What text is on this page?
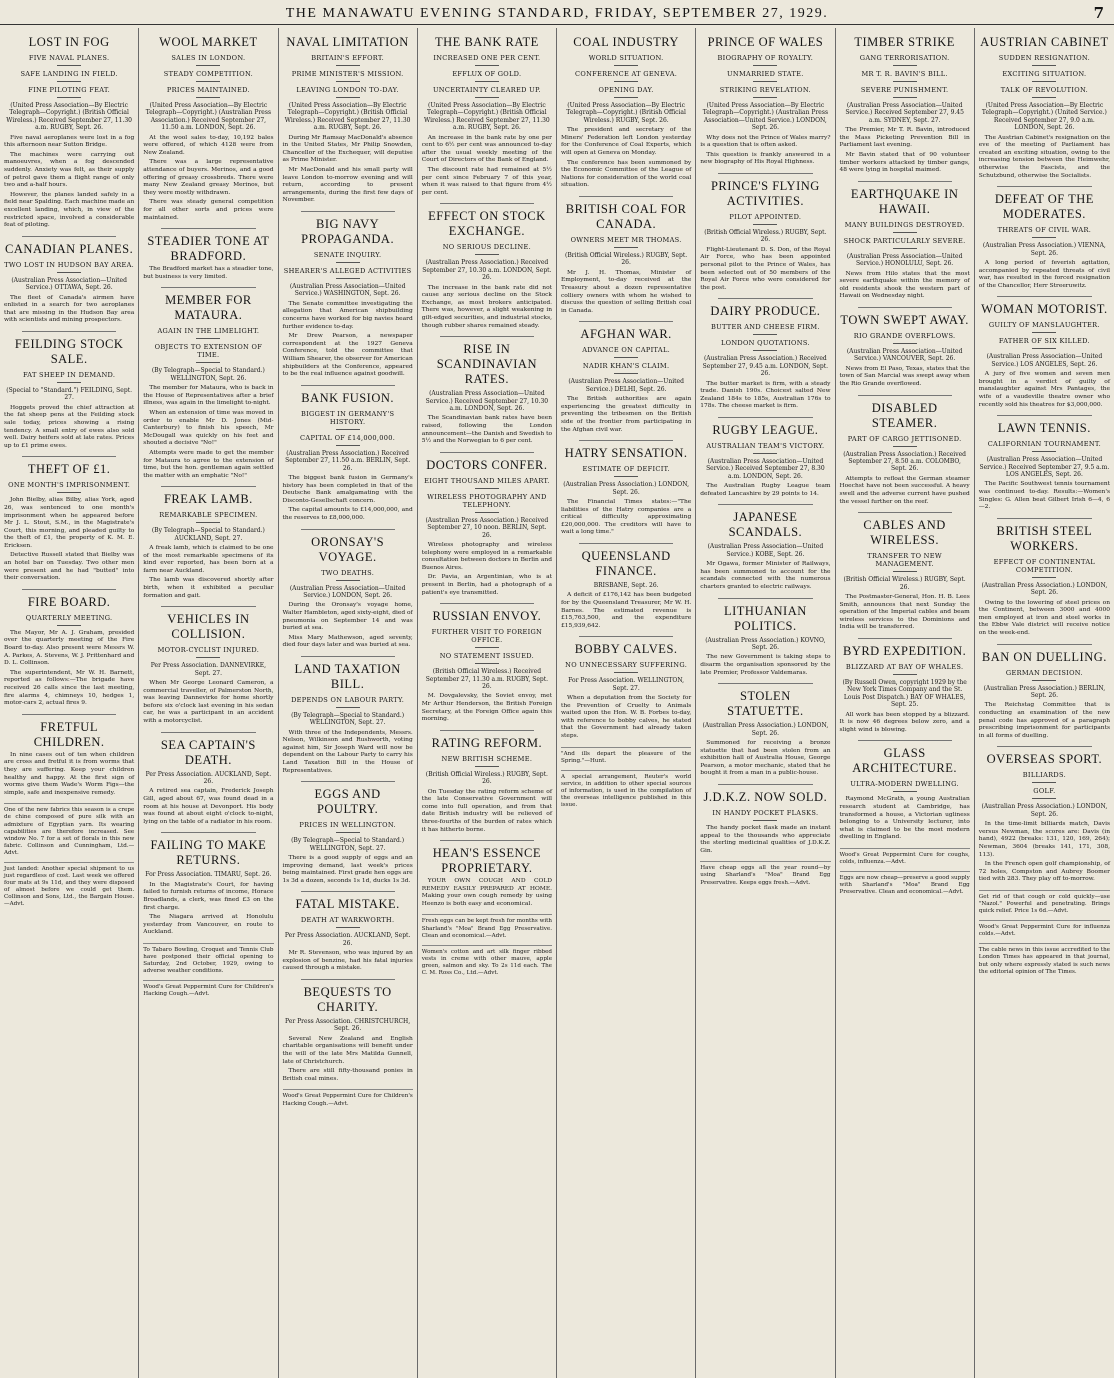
THE MANAWATU EVENING STANDARD, FRIDAY, SEPTEMBER 27, 1929.	7
LOST IN FOG
FIVE NAVAL PLANES.
SAFE LANDING IN FIELD.
FINE PILOTING FEAT.
(United Press Association—By Electric Telegraph—Copyright.) (British Official Wireless.) Received September 27, 11.30 a.m. RUGBY, Sept. 26.

Five naval aeroplanes were lost in a fog this afternoon near Sutton Bridge.

The machines were carrying out manoeuvres, when a fog descended suddenly. Anxiety was felt, as their supply of petrol gave them a flight range of only two and a-half hours.

However, the planes landed safely in a field near Spalding. Each machine made an excellent landing, which, in view of the restricted space, involved a considerable feat of piloting.

CANADIAN PLANES.
TWO LOST IN HUDSON BAY AREA.
(Australian Press Association—United Service.) OTTAWA, Sept. 26.

The fleet of Canada's airmen have enlisted in a search for two aeroplanes that are missing in the Hudson Bay area with scientists and mining prospectors.

FEILDING STOCK SALE.
FAT SHEEP IN DEMAND.
(Special to "Standard.") FEILDING, Sept. 27.

Hoggets proved the chief attraction at the fat sheep pens at the Feilding stock sale today, prices showing a rising tendency. A small entry of ewes also sold well. Dairy heifers sold at late rates. Prices up to £1 prime ewes.

THEFT OF £1.
ONE MONTH'S IMPRISONMENT.

John Bielby, alias Bilby, alias York, aged 26, was sentenced to one month's imprisonment when he appeared before Mr J. L. Stout, S.M., in the Magistrate's Court, this morning, and pleaded guilty to the theft of £1, the property of K. M. E. Ericksen.

Detective Russell stated that Bielby was an hotel bar on Tuesday. Two other men were present and he had "butted" into their conversation.

FIRE BOARD.
QUARTERLY MEETING.

The Mayor, Mr A. J. Graham, presided over the quarterly meeting of the Fire Board to-day. Also present were Messrs W. A. Parkes, A. Stevens, W. J. Prittenhard and D. L. Collinson.

The superintendent, Mr W. H. Barnett, reported as follows:—The brigade have received 26 calls since the last meeting, fire alarms 4, chimneys 10, hedges 1, motor-cars 2, actual fires 9.

FRETFUL CHILDREN.

In nine cases out of ten when children are cross and fretful it is from worms that they are suffering. Keep your children healthy and happy. At the first sign of worms give them Wade's Worm Figs—the simple, safe and inexpensive remedy.

One of the new fabrics this season is a crepe de chine composed of pure silk with an admixture of Egyptian yarn. Its wearing capabilities are therefore increased. See window No. 7 for a set of florals in this new fabric. Collinson and Cunningham, Ltd.—Advt.
Just landed: Another special shipment to us just regardless of cost. Last week we offered four mats at 9s 11d, and they were disposed of almost before we could get them. Collinson and Sons, Ltd., the Bargain House.—Advt.
WOOL MARKET
SALES IN LONDON.
STEADY COMPETITION.
PRICES MAINTAINED.
(United Press Association—By Electric Telegraph—Copyright.) (Australian Press Association.) Received September 27, 11.50 a.m. LONDON, Sept. 26.

At the wool sales to-day, 10,192 bales were offered, of which 4128 were from New Zealand.

There was a large representative attendance of buyers. Merinos, and a good offering of greasy crossbreds. There were many New Zealand greasy Merinos, but they were mostly withdrawn.

There was steady general competition for all other sorts and prices were maintained.

STEADIER TONE AT BRADFORD.

The Bradford market has a steadier tone, but business is very limited.

MEMBER FOR MATAURA.
AGAIN IN THE LIMELIGHT.
OBJECTS TO EXTENSION OF TIME.
(By Telegraph—Special to Standard.) WELLINGTON, Sept. 26.

The member for Mataura, who is back in the House of Representatives after a brief illness, was again in the limelight to-night.

When an extension of time was moved in order to enable Mr D. Jones (Mid-Canterbury) to finish his speech, Mr McDougall was quickly on his feet and shouted a decisive "No!"

Attempts were made to get the member for Mataura to agree to the extension of time, but the hon. gentleman again settled the matter with an emphatic "No!"

FREAK LAMB.
REMARKABLE SPECIMEN.
(By Telegraph—Special to Standard.) AUCKLAND, Sept. 27.

A freak lamb, which is claimed to be one of the most remarkable specimens of its kind ever reported, has been born at a farm near Auckland.

The lamb was discovered shortly after birth, when it exhibited a peculiar formation and gait.

VEHICLES IN COLLISION.
MOTOR-CYCLIST INJURED.
Per Press Association. DANNEVIRKE, Sept. 27.

When Mr George Leonard Cameron, a commercial traveller, of Palmerston North, was leaving Dannevirke for home shortly before six o'clock last evening in his sedan car, he was a participant in an accident with a motorcyclist.

SEA CAPTAIN'S DEATH.
Per Press Association. AUCKLAND, Sept. 26.

A retired sea captain, Frederick Joseph Gill, aged about 67, was found dead in a room at his house at Devonport. His body was found at about eight o'clock to-night, lying on the table of a radiator in his room.

FAILING TO MAKE RETURNS.
For Press Association. TIMARU, Sept. 26.

In the Magistrate's Court, for having failed to furnish returns of income, Horace Broadlands, a clerk, was fined £3 on the first charge.

The Niagara arrived at Honolulu yesterday from Vancouver, en route to Auckland.

To Tabaro Bowling, Croquet and Tennis Club have postponed their official opening to Saturday, 2nd October, 1929, owing to adverse weather conditions.
Wood's Great Peppermint Cure for Children's Hacking Cough.—Advt.
NAVAL LIMITATION
BRITAIN'S EFFORT.
PRIME MINISTER'S MISSION.
LEAVING LONDON TO-DAY.
(United Press Association—By Electric Telegraph—Copyright.) (British Official Wireless.) Received September 27, 11.30 a.m. RUGBY, Sept. 26.

During Mr Ramsay MacDonald's absence in the United States, Mr Philip Snowden, Chancellor of the Exchequer, will deputise as Prime Minister.

Mr MacDonald and his small party will leave London to-morrow evening and will return, according to present arrangements, during the first few days of November.

BIG NAVY PROPAGANDA.
SENATE INQUIRY.
SHEARER'S ALLEGED ACTIVITIES
(Australian Press Association—United Service.) WASHINGTON, Sept. 26.

The Senate committee investigating the allegation that American shipbuilding concerns have worked for big navies heard further evidence to-day.

Mr Drew Pearson, a newspaper correspondent at the 1927 Geneva Conference, told the committee that William Shearer, the observer for American shipbuilders at the Conference, appeared to be the real influence against goodwill.

BANK FUSION.
BIGGEST IN GERMANY'S HISTORY.
CAPITAL OF £14,000,000.
(Australian Press Association.) Received September 27, 11.50 a.m. BERLIN, Sept. 26.

The biggest bank fusion in Germany's history has been completed in that of the Deutsche Bank amalgamating with the Disconto-Gesellschaft concern.

The capital amounts to £14,000,000, and the reserves to £8,000,000.

ORONSAY'S VOYAGE.
TWO DEATHS.
(Australian Press Association—United Service.) LONDON, Sept. 26.

During the Oronsay's voyage home, Walter Hambleton, aged sixty-eight, died of pneumonia on September 14 and was buried at sea.

Miss Mary Mathewson, aged seventy, died four days later and was buried at sea.

LAND TAXATION BILL.
DEPENDS ON LABOUR PARTY.
(By Telegraph—Special to Standard.) WELLINGTON, Sept. 27.

With three of the Independents, Messrs. Nelson, Wilkinson and Rushworth, voting against him, Sir Joseph Ward will now be dependent on the Labour Party to carry his Land Taxation Bill in the House of Representatives.

EGGS AND POULTRY.
PRICES IN WELLINGTON.
(By Telegraph—Special to Standard.) WELLINGTON, Sept. 27.

There is a good supply of eggs and an improving demand, last week's prices being maintained. First grade hen eggs are 1s 3d a dozen, seconds 1s 1d, ducks 1s 3d.

FATAL MISTAKE.
DEATH AT WARKWORTH.
Per Press Association. AUCKLAND, Sept. 26.

Mr R. Stevenson, who was injured by an explosion of benzine, had his fatal injuries caused through a mistake.

BEQUESTS TO CHARITY.
Per Press Association. CHRISTCHURCH, Sept. 26.

Several New Zealand and English charitable organisations will benefit under the will of the late Mrs Matilda Gunnell, late of Christchurch.

There are still fifty-thousand ponies in British coal mines.

Wood's Great Peppermint Cure for Children's Hacking Cough.—Advt.
THE BANK RATE
INCREASED ONE PER CENT.
EFFLUX OF GOLD.
UNCERTAINTY CLEARED UP.
(United Press Association—By Electric Telegraph—Copyright.) (British Official Wireless.) Received September 27, 11.30 a.m. RUGBY, Sept. 26.

An increase in the bank rate by one per cent to 6½ per cent was announced to-day after the usual weekly meeting of the Court of Directors of the Bank of England.

The discount rate had remained at 5½ per cent since February 7 of this year, when it was raised to that figure from 4½ per cent.

EFFECT ON STOCK EXCHANGE.
NO SERIOUS DECLINE.
(Australian Press Association.) Received September 27, 10.30 a.m. LONDON, Sept. 26.

The increase in the bank rate did not cause any serious decline on the Stock Exchange, as most brokers anticipated. There was, however, a slight weakening in gilt-edged securities, and industrial stocks, though rubber shares remained steady.

RISE IN SCANDINAVIAN RATES.
(Australian Press Association—United Service.) Received September 27, 10.30 a.m. LONDON, Sept. 26.

The Scandinavian bank rates have been raised, following the London announcement—the Danish and Swedish to 5½ and the Norwegian to 6 per cent.

DOCTORS CONFER.
EIGHT THOUSAND MILES APART.
WIRELESS PHOTOGRAPHY AND TELEPHONY.
(Australian Press Association.) Received September 27, 10 noon. BERLIN, Sept. 26.

Wireless photography and wireless telephony were employed in a remarkable consultation between doctors in Berlin and Buenos Aires.

Dr. Pavia, an Argentinian, who is at present in Berlin, had a photograph of a patient's eye transmitted.

RUSSIAN ENVOY.
FURTHER VISIT TO FOREIGN OFFICE.
NO STATEMENT ISSUED.
(British Official Wireless.) Received September 27, 11.30 a.m. RUGBY, Sept. 26.

M. Dovgalevsky, the Soviet envoy, met Mr Arthur Henderson, the British Foreign Secretary, at the Foreign Office again this morning.

RATING REFORM.
NEW BRITISH SCHEME.
(British Official Wireless.) RUGBY, Sept. 26.

On Tuesday the rating reform scheme of the late Conservative Government will come into full operation, and from that date British industry will be relieved of three-fourths of the burden of rates which it has hitherto borne.

HEAN'S ESSENCE PROPRIETARY.

YOUR OWN COUGH AND COLD REMEDY EASILY PREPARED AT HOME. Making your own cough remedy by using Heenzo is both easy and economical.

Fresh eggs can be kept fresh for months with Sharland's "Moa" Brand Egg Preservative. Clean and economical.—Advt.
Women's cotton and art silk finger ribbed vests in creme with other mauve, apple green, salmon and sky. To 2s 11d each. The C. M. Ross Co., Ltd.—Advt.
COAL INDUSTRY
WORLD SITUATION.
CONFERENCE AT GENEVA.
OPENING DAY.
(United Press Association—By Electric Telegraph—Copyright.) (British Official Wireless.) RUGBY, Sept. 26.

The president and secretary of the Miners' Federation left London yesterday for the Conference of Coal Experts, which will open at Geneva on Monday.

The conference has been summoned by the Economic Committee of the League of Nations for consideration of the world coal situation.

BRITISH COAL FOR CANADA.
OWNERS MEET MR THOMAS.
(British Official Wireless.) RUGBY, Sept. 26.

Mr J. H. Thomas, Minister of Employment, to-day received at the Treasury about a dozen representative colliery owners with whom he wished to discuss the question of selling British coal in Canada.

AFGHAN WAR.
ADVANCE ON CAPITAL.
NADIR KHAN'S CLAIM.
(Australian Press Association—United Service.) DELHI, Sept. 26.

The British authorities are again experiencing the greatest difficulty in preventing the tribesmen on the British side of the frontier from participating in the Afghan civil war.

HATRY SENSATION.
ESTIMATE OF DEFICIT.
(Australian Press Association.) LONDON, Sept. 26.

The Financial Times states:—"The liabilities of the Hatry companies are a critical difficulty approximating £20,000,000. The creditors will have to wait a long time."

QUEENSLAND FINANCE.
BRISBANE, Sept. 26.

A deficit of £176,142 has been budgeted for by the Queensland Treasurer, Mr W. H. Barnes. The estimated revenue is £15,763,500, and the expenditure £15,939,642.

BOBBY CALVES.
NO UNNECESSARY SUFFERING.
For Press Association. WELLINGTON, Sept. 27.

When a deputation from the Society for the Prevention of Cruelty to Animals waited upon the Hon. W. B. Forbes to-day, with reference to bobby calves, he stated that the Government had already taken steps.

"And ills depart the pleasure of the Spring."—Hunt.
A special arrangement, Reuter's world service, in addition to other special sources of information, is used in the compilation of the overseas intelligence published in this issue.
PRINCE OF WALES
BIOGRAPHY OF ROYALTY.
UNMARRIED STATE.
STRIKING REVELATION.
(United Press Association—By Electric Telegraph—Copyright.) (Australian Press Association—United Service.) LONDON, Sept. 26.

Why does not the Prince of Wales marry? is a question that is often asked.

This question is frankly answered in a new biography of His Royal Highness.

PRINCE'S FLYING ACTIVITIES.
PILOT APPOINTED.
(British Official Wireless.) RUGBY, Sept. 26.

Flight-Lieutenant D. S. Don, of the Royal Air Force, who has been appointed personal pilot to the Prince of Wales, has been selected out of 50 members of the Royal Air Force who were considered for the post.

DAIRY PRODUCE.
BUTTER AND CHEESE FIRM.
LONDON QUOTATIONS.
(Australian Press Association.) Received September 27, 9.45 a.m. LONDON, Sept. 26.

The butter market is firm, with a steady trade. Danish 190s. Choicest salted New Zealand 184s to 185s, Australian 176s to 178s. The cheese market is firm.

RUGBY LEAGUE.
AUSTRALIAN TEAM'S VICTORY.
(Australian Press Association—United Service.) Received September 27, 8.30 a.m. LONDON, Sept. 26.

The Australian Rugby League team defeated Lancashire by 29 points to 14.

JAPANESE SCANDALS.
(Australian Press Association—United Service.) KOBE, Sept. 26.

Mr Ogawa, former Minister of Railways, has been summoned to account for the scandals connected with the numerous charters granted to electric railways.

LITHUANIAN POLITICS.
(Australian Press Association.) KOVNO, Sept. 26.

The new Government is taking steps to disarm the organisation sponsored by the late Premier, Professor Valdemaras.

STOLEN STATUETTE.
(Australian Press Association.) LONDON, Sept. 26.

Summoned for receiving a bronze statuette that had been stolen from an exhibition hall of Australia House, George Pearson, a motor mechanic, stated that he bought it from a man in a public-house.

J.D.K.Z. NOW SOLD.
IN HANDY POCKET FLASKS.

The handy pocket flask made an instant appeal to the thousands who appreciate the sterling medicinal qualities of J.D.K.Z. Gin.

Have cheap eggs all the year round—by using Sharland's "Moa" Brand Egg Preservative. Keeps eggs fresh.—Advt.
TIMBER STRIKE
GANG TERRORISATION.
MR T. R. BAVIN'S BILL.
SEVERE PUNISHMENT.
(Australian Press Association—United Service.) Received September 27, 9.45 a.m. SYDNEY, Sept. 27.

The Premier, Mr T. R. Bavin, introduced the Mass Picketing Prevention Bill in Parliament last evening.

Mr Bavin stated that of 90 volunteer timber workers attacked by timber gangs, 48 were lying in hospital maimed.

EARTHQUAKE IN HAWAII.
MANY BUILDINGS DESTROYED.
SHOCK PARTICULARLY SEVERE.
(Australian Press Association—United Service.) HONOLULU, Sept. 26.

News from Hilo states that the most severe earthquake within the memory of old residents shook the western part of Hawaii on Wednesday night.

TOWN SWEPT AWAY.
RIO GRANDE OVERFLOWS.
(Australian Press Association—United Service.) VANCOUVER, Sept. 26.

News from El Paso, Texas, states that the town of San Marcial was swept away when the Rio Grande overflowed.

DISABLED STEAMER.
PART OF CARGO JETTISONED.
(Australian Press Association.) Received September 27, 8.50 a.m. COLOMBO, Sept. 26.

Attempts to refloat the German steamer Hoechst have not been successful. A heavy swell and the adverse current have pushed the vessel further on the reef.

CABLES AND WIRELESS.
TRANSFER TO NEW MANAGEMENT.
(British Official Wireless.) RUGBY, Sept. 26.

The Postmaster-General, Hon. H. B. Lees Smith, announces that next Sunday the operation of the Imperial cables and beam wireless services to the Dominions and India will be transferred.

BYRD EXPEDITION.
BLIZZARD AT BAY OF WHALES.
(By Russell Owen, copyright 1929 by the New York Times Company and the St. Louis Post Dispatch.) BAY OF WHALES, Sept. 25.

All work has been stopped by a blizzard. It is now 46 degrees below zero, and a slight wind is blowing.

GLASS ARCHITECTURE.
ULTRA-MODERN DWELLING.

Raymond McGrath, a young Australian research student at Cambridge, has transformed a house, a Victorian ugliness belonging to a University lecturer, into what is claimed to be the most modern dwelling in England.

Wood's Great Peppermint Cure for coughs, colds, influenza.—Advt.
Eggs are now cheap—preserve a good supply with Sharland's "Moa" Brand Egg Preservative. Clean and economical.—Advt.
AUSTRIAN CABINET
SUDDEN RESIGNATION.
EXCITING SITUATION.
TALK OF REVOLUTION.
(United Press Association—By Electric Telegraph—Copyright.) (United Service.) Received September 27, 9.0 a.m. LONDON, Sept. 26.

The Austrian Cabinet's resignation on the eve of the meeting of Parliament has created an exciting situation, owing to the increasing tension between the Heimwehr, otherwise the Fascists, and the Schutzbund, otherwise the Socialists.

DEFEAT OF THE MODERATES.
THREATS OF CIVIL WAR.
(Australian Press Association.) VIENNA, Sept. 26.

A long period of feverish agitation, accompanied by repeated threats of civil war, has resulted in the forced resignation of the Chancellor, Herr Streeruwitz.

WOMAN MOTORIST.
GUILTY OF MANSLAUGHTER.
FATHER OF SIX KILLED.
(Australian Press Association—United Service.) LOS ANGELES, Sept. 26.

A jury of five women and seven men brought in a verdict of guilty of manslaughter against Mrs Pantages, the wife of a vaudeville theatre owner who recently sold his theatres for $3,000,000.

LAWN TENNIS.
CALIFORNIAN TOURNAMENT.
(Australian Press Association—United Service.) Received September 27, 9.5 a.m. LOS ANGELES, Sept. 26.

The Pacific Southwest tennis tournament was continued to-day. Results:—Women's Singles: G. Allen beat Gilbert Irish 6—4, 6—2.

BRITISH STEEL WORKERS.
EFFECT OF CONTINENTAL COMPETITION.
(Australian Press Association.) LONDON, Sept. 26.

Owing to the lowering of steel prices on the Continent, between 3000 and 4000 men employed at iron and steel works in the Ebbw Vale district will receive notice on the week-end.

BAN ON DUELLING.
GERMAN DECISION.
(Australian Press Association.) BERLIN, Sept. 26.

The Reichstag Committee that is conducting an examination of the new penal code has approved of a paragraph prescribing imprisonment for participants in all forms of duelling.

OVERSEAS SPORT.
BILLIARDS.
GOLF.
(Australian Press Association.) LONDON, Sept. 26.

In the time-limit billiards match, Davis versus Newman, the scores are: Davis (in hand), 4922 (breaks: 131, 120, 169, 264); Newman, 3604 (breaks 141, 171, 308, 113).

In the French open golf championship, of 72 holes, Compston and Aubrey Boomer tied with 283. They play off to-morrow.

Get rid of that cough or cold quickly—use "Nazol." Powerful and penetrating. Brings quick relief. Price 1s 6d.—Advt.
Wood's Great Peppermint Cure for influenza colds.—Advt.
The cable news in this issue accredited to the London Times has appeared in that journal, but only where expressly stated is such news the editorial opinion of The Times.
